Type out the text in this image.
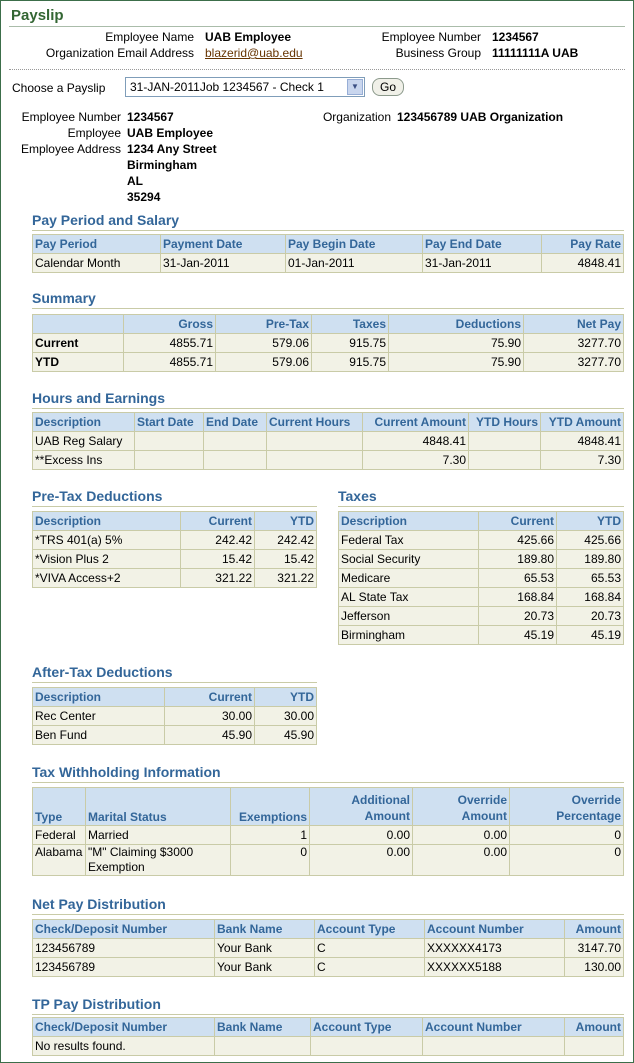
Payslip
Employee Name UAB Employee
Organization Email Address blazerid@uab.edu
Employee Number 1234567
Business Group 11111111A UAB
Choose a Payslip	31-JAN-2011Job 1234567 - Check 1	▼	Go
Employee Number 1234567
Employee UAB Employee
Employee Address 1234 Any Street
Birmingham
AL
35294
Organization 123456789 UAB Organization
Pay Period and Salary
Pay Period	Payment Date	Pay Begin Date	Pay End Date	Pay Rate
Calendar Month	31-Jan-2011	01-Jan-2011	31-Jan-2011	4848.41
Summary
	Gross	Pre-Tax	Taxes	Deductions	Net Pay
Current	4855.71	579.06	915.75	75.90	3277.70
YTD	4855.71	579.06	915.75	75.90	3277.70
Hours and Earnings
Description	Start Date	End Date	Current Hours	Current Amount	YTD Hours	YTD Amount
UAB Reg Salary				4848.41		4848.41
**Excess Ins				7.30		7.30
Pre-Tax Deductions
Description	Current	YTD
*TRS 401(a) 5%	242.42	242.42
*Vision Plus 2	15.42	15.42
*VIVA Access+2	321.22	321.22
Taxes
Description	Current	YTD
Federal Tax	425.66	425.66
Social Security	189.80	189.80
Medicare	65.53	65.53
AL State Tax	168.84	168.84
Jefferson	20.73	20.73
Birmingham	45.19	45.19
After-Tax Deductions
Description	Current	YTD
Rec Center	30.00	30.00
Ben Fund	45.90	45.90
Tax Withholding Information
Type	Marital Status	Exemptions	Additional Amount	Override Amount	Override Percentage
Federal	Married	1	0.00	0.00	0
Alabama	"M" Claiming $3000 Exemption	0	0.00	0.00	0
Net Pay Distribution
Check/Deposit Number	Bank Name	Account Type	Account Number	Amount
123456789	Your Bank	C	XXXXXX4173	3147.70
123456789	Your Bank	C	XXXXXX5188	130.00
TP Pay Distribution
Check/Deposit Number	Bank Name	Account Type	Account Number	Amount
No results found.				
